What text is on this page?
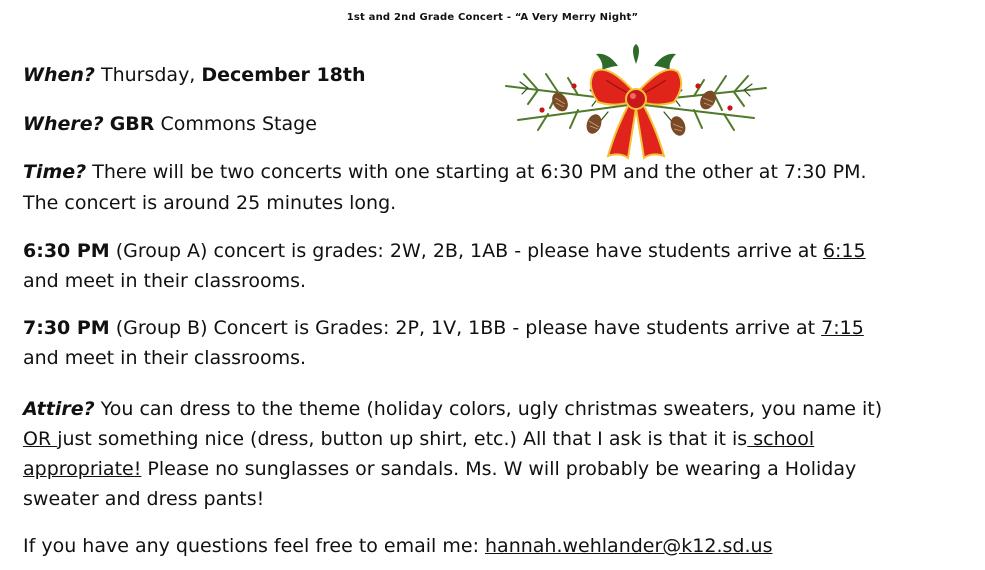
1st and 2nd Grade Concert - “A Very Merry Night”
When? Thursday, December 18th
Where? GBR Commons Stage
Time? There will be two concerts with one starting at 6:30 PM and the other at 7:30 PM.
The concert is around 25 minutes long.
6:30 PM (Group A) concert is grades: 2W, 2B, 1AB - please have students arrive at 6:15
and meet in their classrooms.
7:30 PM (Group B) Concert is Grades: 2P, 1V, 1BB - please have students arrive at 7:15
and meet in their classrooms.
Attire? You can dress to the theme (holiday colors, ugly christmas sweaters, you name it)
OR just something nice (dress, button up shirt, etc.) All that I ask is that it is school
appropriate! Please no sunglasses or sandals. Ms. W will probably be wearing a Holiday
sweater and dress pants!
If you have any questions feel free to email me: hannah.wehlander@k12.sd.us
